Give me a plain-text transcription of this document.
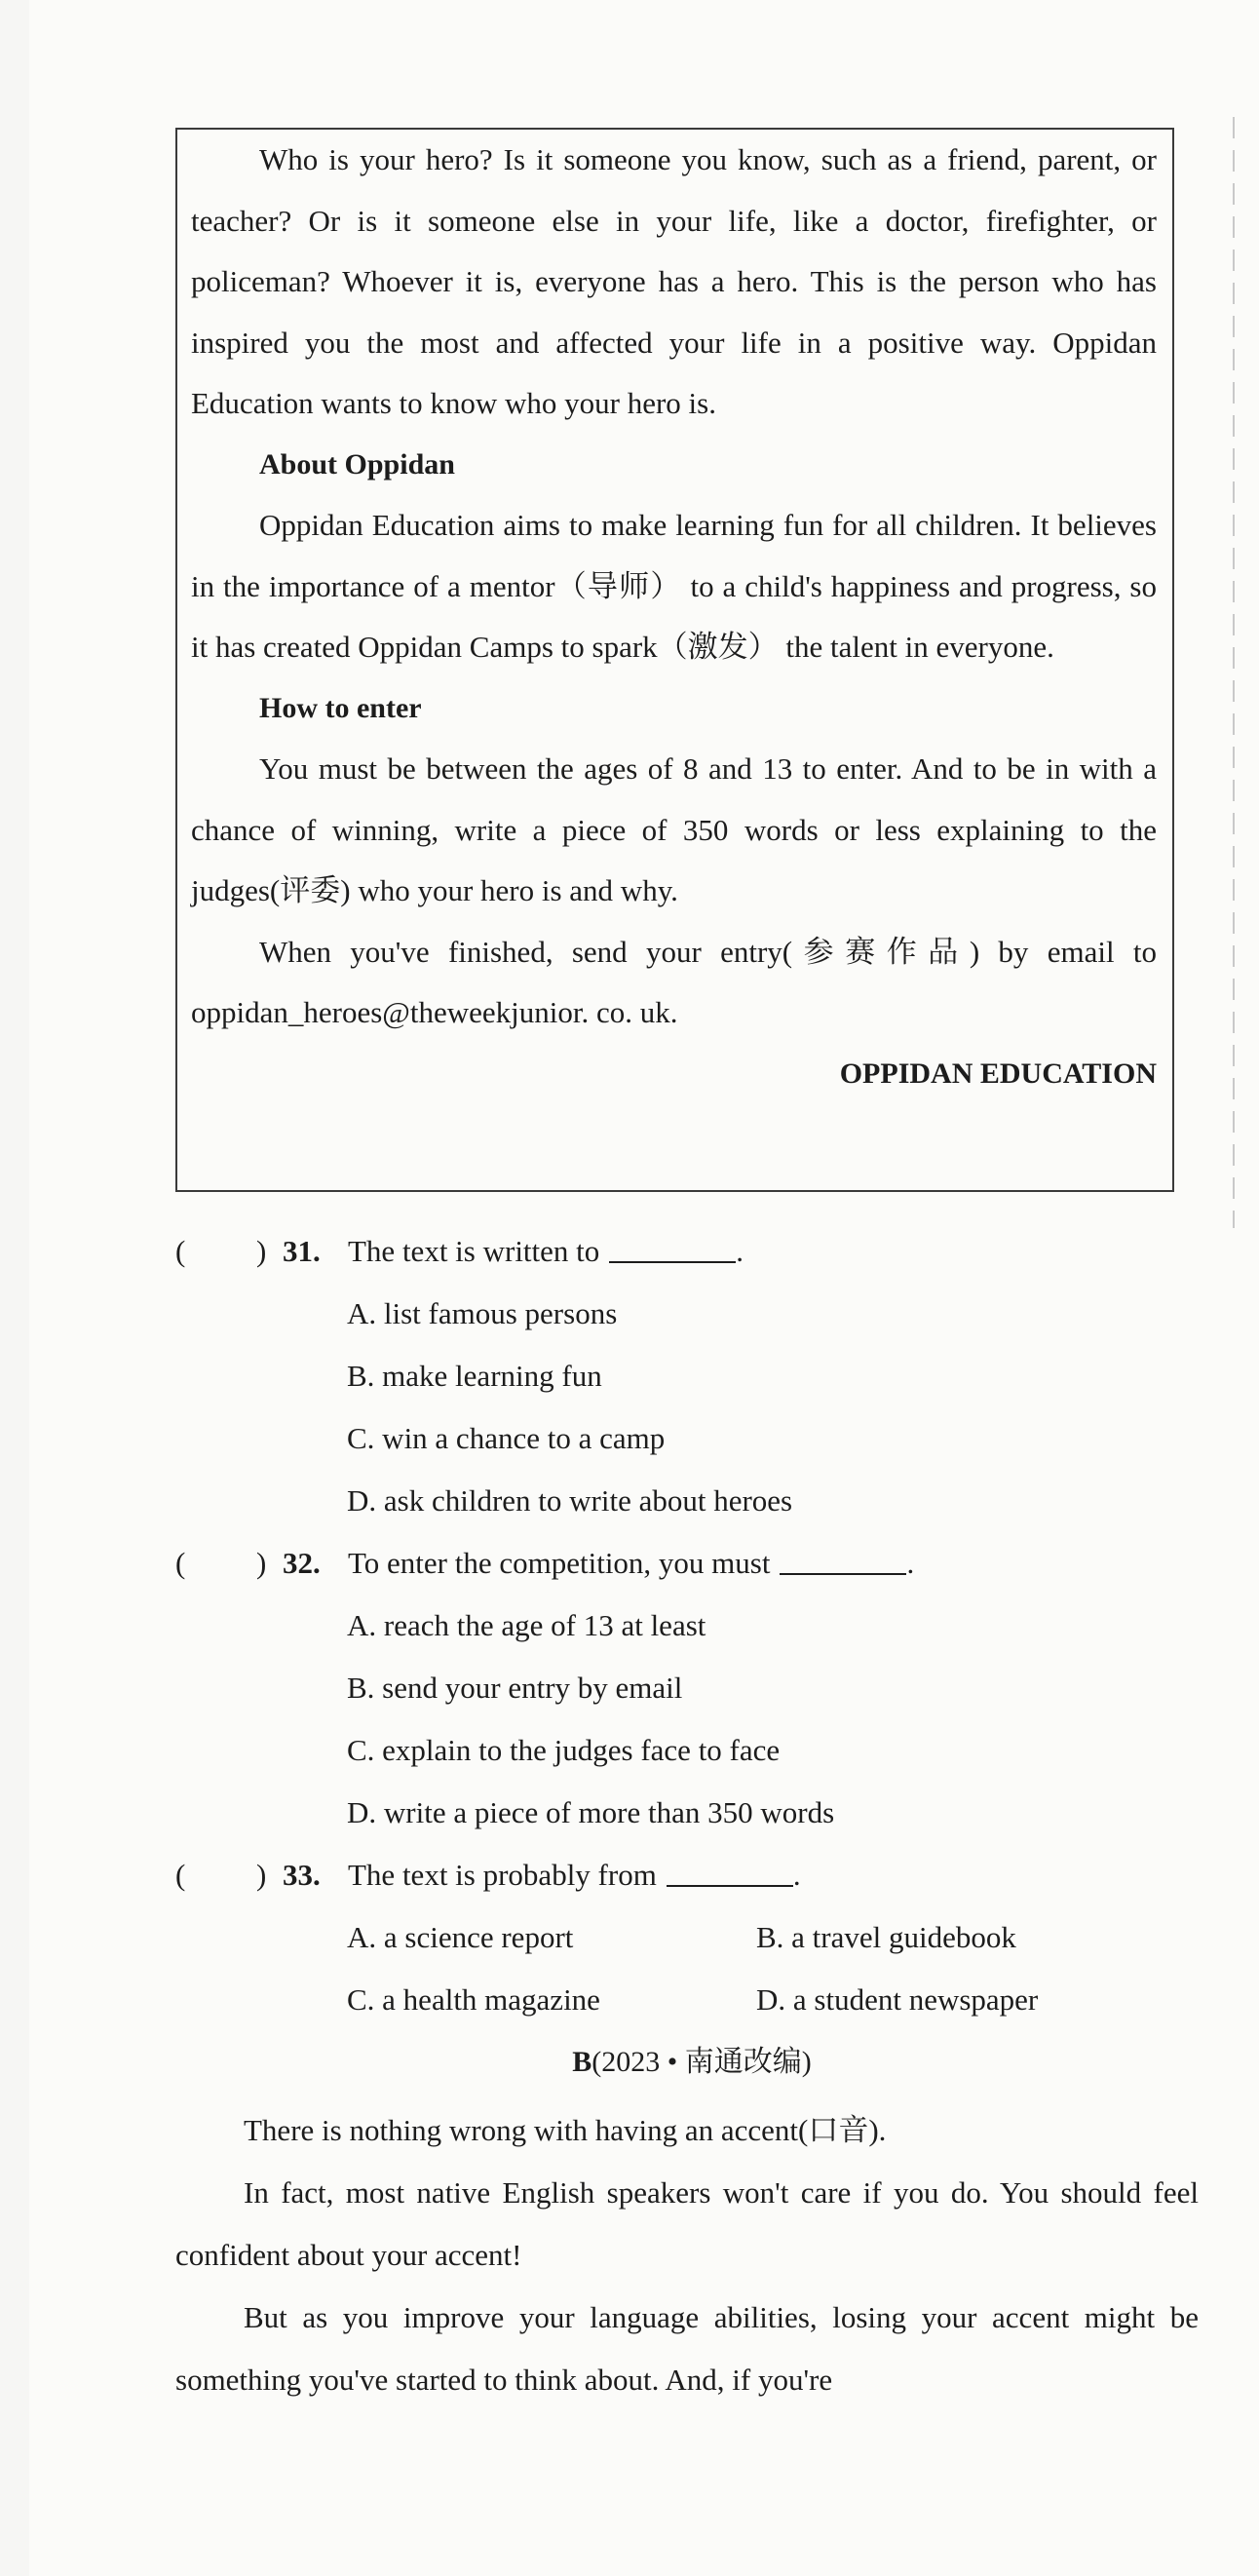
Who is your hero? Is it someone you know, such as a friend, parent, or teacher? Or is it someone else in your life, like a doctor, firefighter, or policeman? Whoever it is, everyone has a hero. This is the person who has inspired you the most and affected your life in a positive way. Oppidan Education wants to know who your hero is.

About Oppidan

Oppidan Education aims to make learning fun for all children. It believes in the importance of a mentor（导师） to a child's happiness and progress, so it has created Oppidan Camps to spark（激发） the talent in everyone.

How to enter

You must be between the ages of 8 and 13 to enter. And to be in with a chance of winning, write a piece of 350 words or less explaining to the judges(评委) who your hero is and why.

When you've finished, send your entry(参赛作品) by email to oppidan_heroes@theweekjunior. co. uk.

OPPIDAN EDUCATION

( ) 31. The text is written to	.
A. list famous persons
B. make learning fun
C. win a chance to a camp
D. ask children to write about heroes
( ) 32. To enter the competition, you must	.
A. reach the age of 13 at least
B. send your entry by email
C. explain to the judges face to face
D. write a piece of more than 350 words
( ) 33. The text is probably from	.
A. a science report	B. a travel guidebook
C. a health magazine	D. a student newspaper
B(2023 • 南通改编)

There is nothing wrong with having an accent(口音).

In fact, most native English speakers won't care if you do. You should feel confident about your accent!

But as you improve your language abilities, losing your accent might be something you've started to think about. And, if you're
